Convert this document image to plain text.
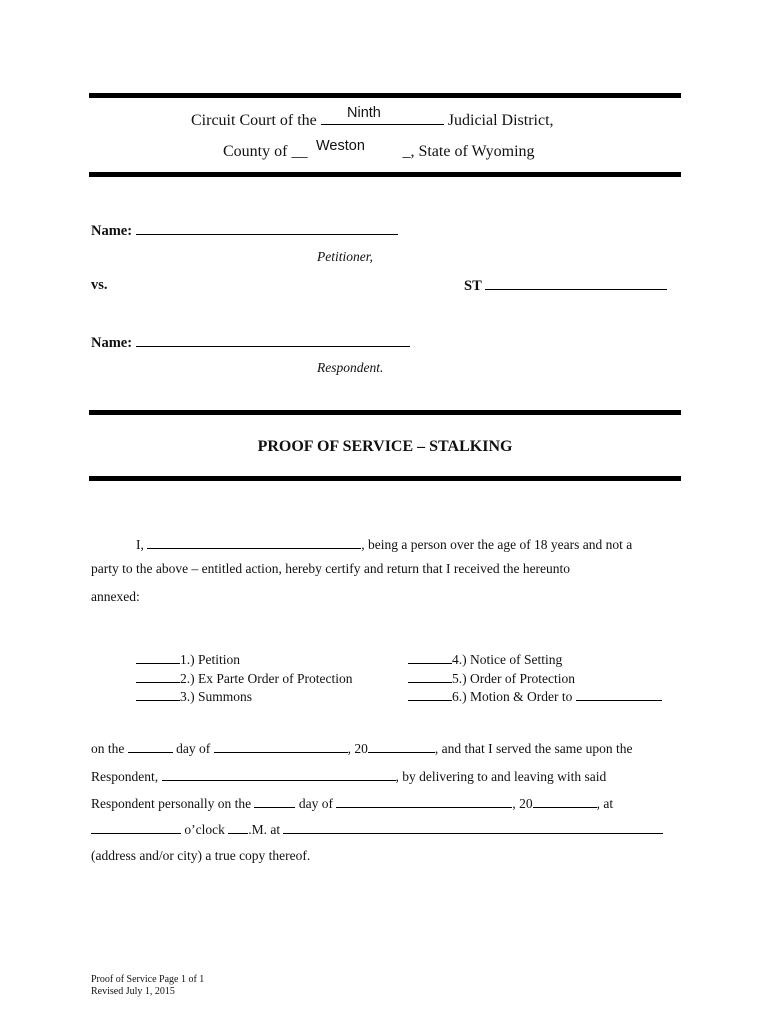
Circuit Court of the	Judicial District,
Ninth
County of __	_, State of Wyoming
Weston
Name:
Petitioner,
vs.	ST
Name:
Respondent.
PROOF OF SERVICE – STALKING
I,	, being a person over the age of 18 years and not a
party to the above – entitled action, hereby certify and return that I received the hereunto
annexed:
1.) Petition
2.) Ex Parte Order of Protection
3.) Summons
4.) Notice of Setting
5.) Order of Protection
6.) Motion & Order to
on the	day of	, 20	, and that I served the same upon the
Respondent,	, by delivering to and leaving with said
Respondent personally on the	day of	, 20	, at
o’clock .M. at
(address and/or city) a true copy thereof.
Proof of Service Page 1 of 1
Revised July 1, 2015
